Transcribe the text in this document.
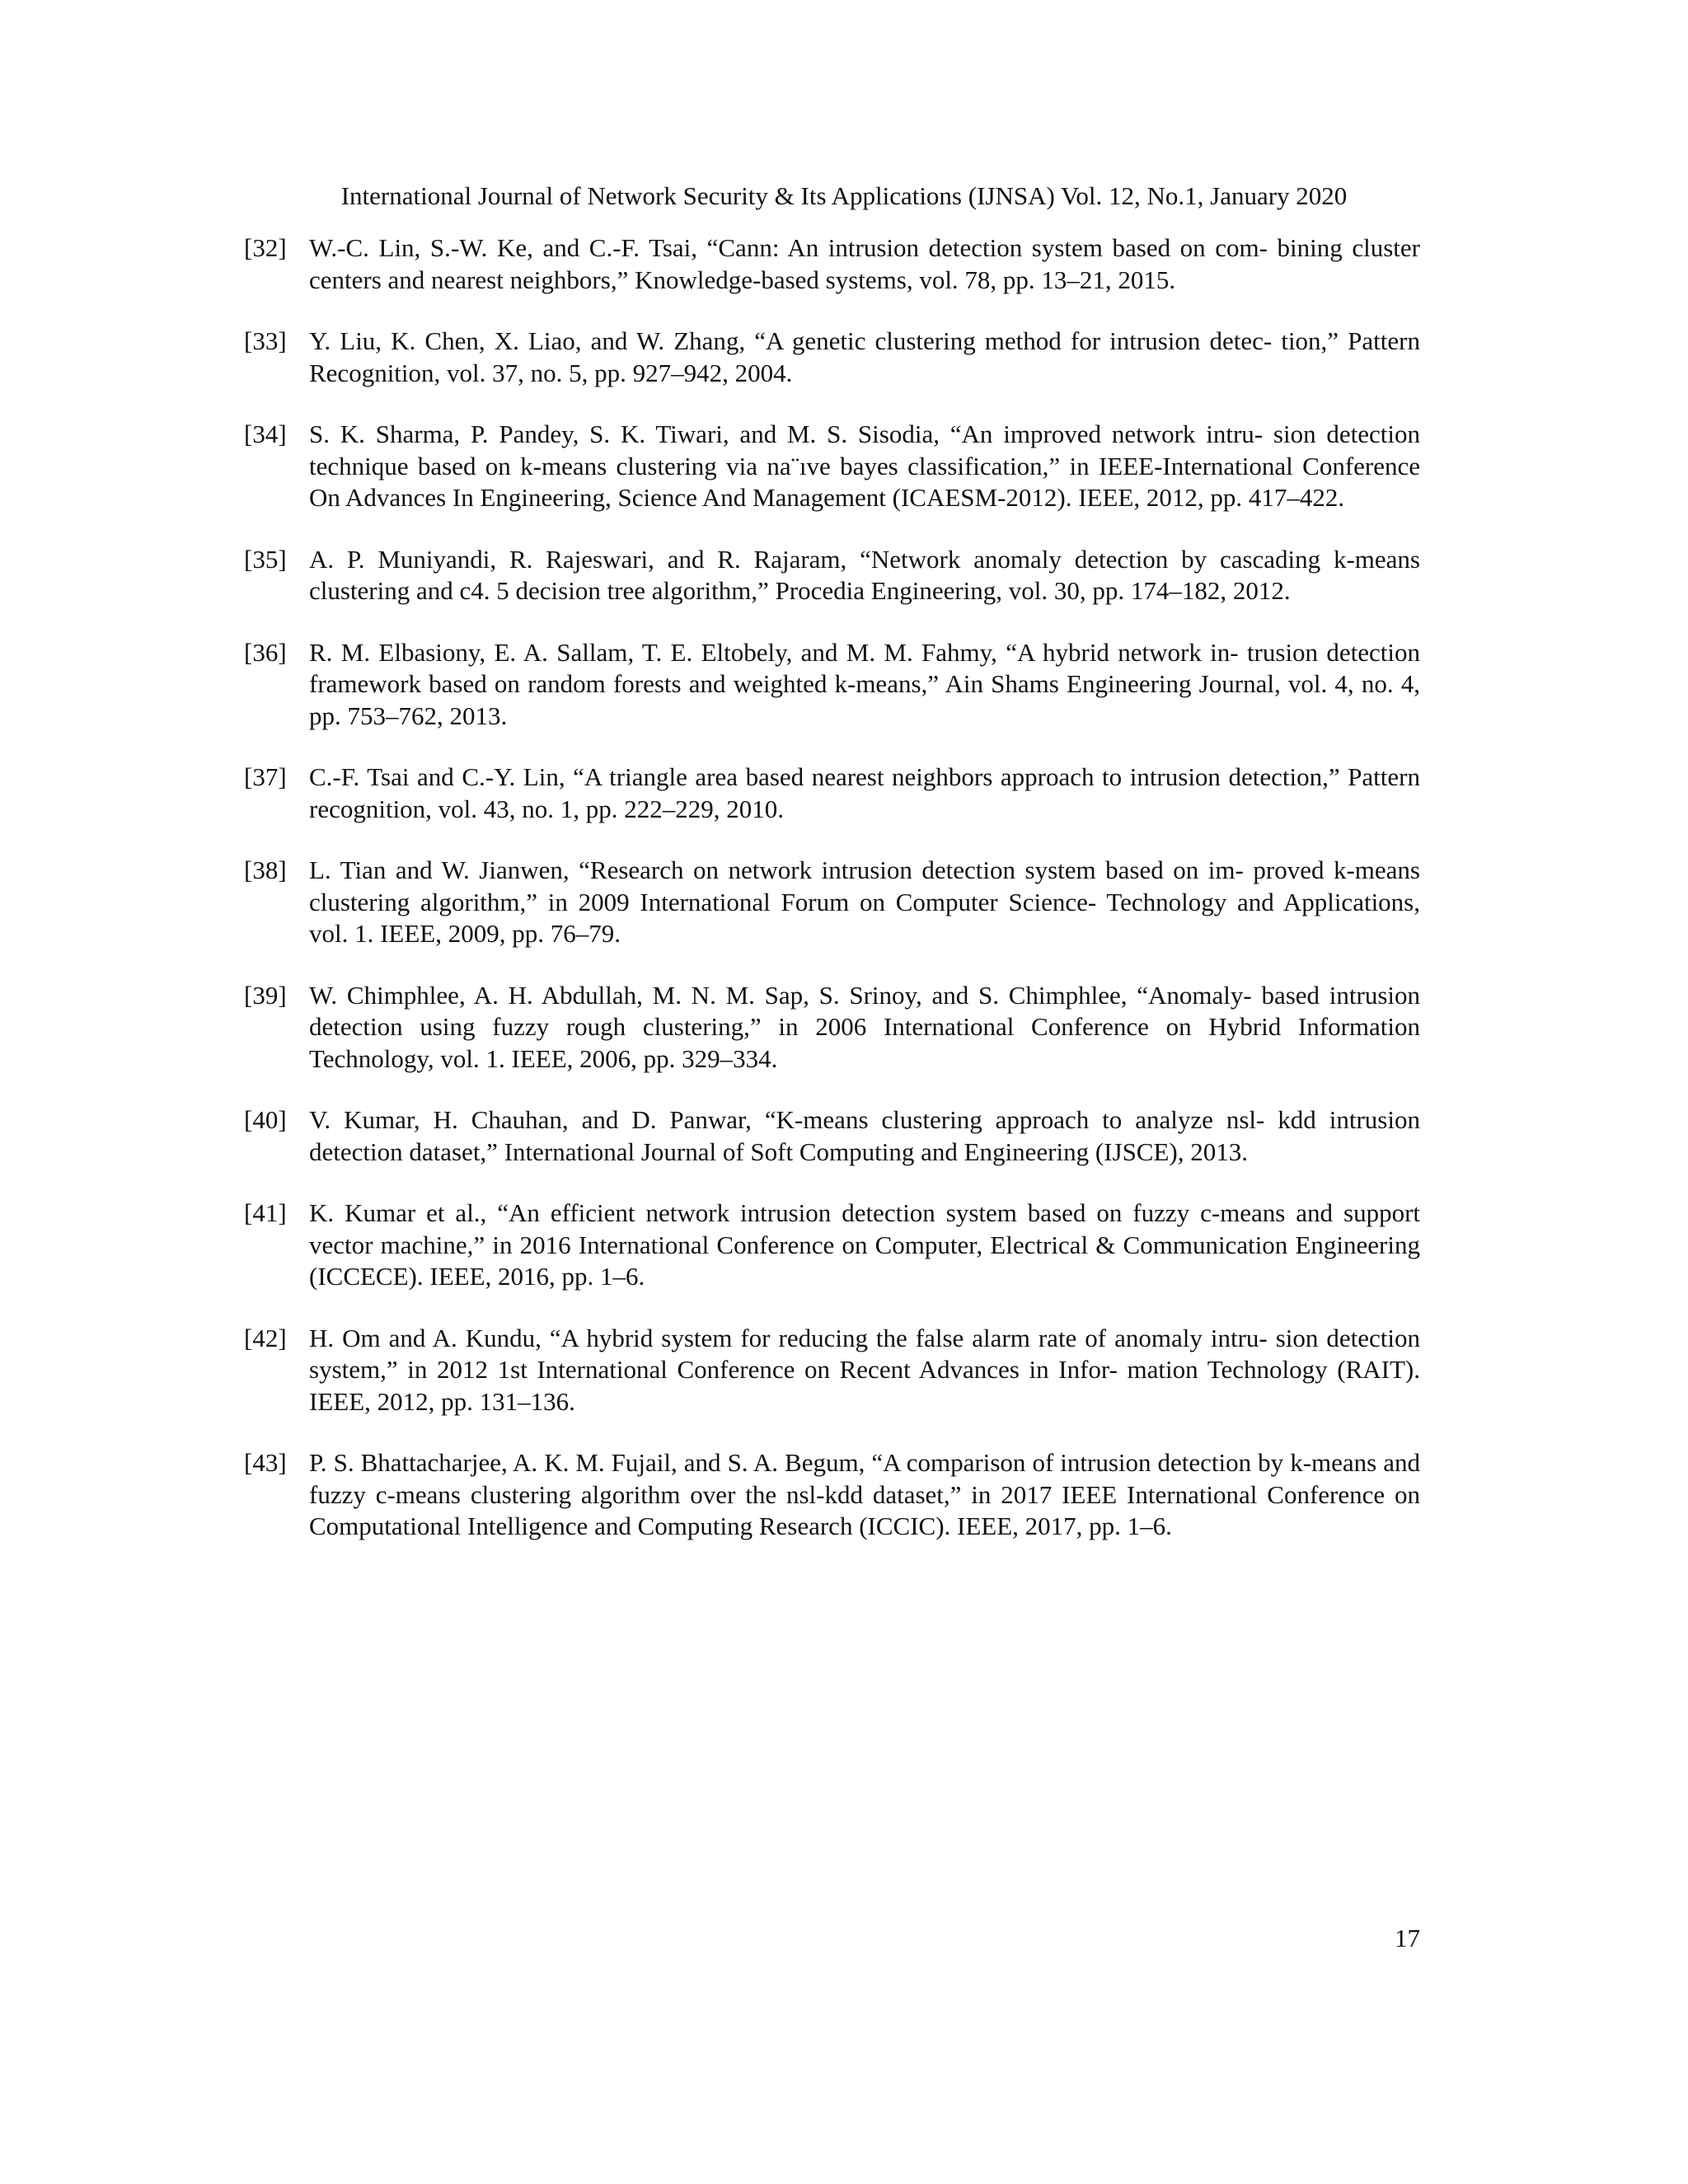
International Journal of Network Security & Its Applications (IJNSA) Vol. 12, No.1, January 2020
[32] W.-C. Lin, S.-W. Ke, and C.-F. Tsai, “Cann: An intrusion detection system based on com- bining cluster centers and nearest neighbors,” Knowledge-based systems, vol. 78, pp. 13–21, 2015.
[33] Y. Liu, K. Chen, X. Liao, and W. Zhang, “A genetic clustering method for intrusion detec- tion,” Pattern Recognition, vol. 37, no. 5, pp. 927–942, 2004.
[34] S. K. Sharma, P. Pandey, S. K. Tiwari, and M. S. Sisodia, “An improved network intru- sion detection technique based on k-means clustering via na¨ıve bayes classification,” in IEEE-International Conference On Advances In Engineering, Science And Management (ICAESM-2012). IEEE, 2012, pp. 417–422.
[35] A. P. Muniyandi, R. Rajeswari, and R. Rajaram, “Network anomaly detection by cascading k-means clustering and c4. 5 decision tree algorithm,” Procedia Engineering, vol. 30, pp. 174–182, 2012.
[36] R. M. Elbasiony, E. A. Sallam, T. E. Eltobely, and M. M. Fahmy, “A hybrid network in- trusion detection framework based on random forests and weighted k-means,” Ain Shams Engineering Journal, vol. 4, no. 4, pp. 753–762, 2013.
[37] C.-F. Tsai and C.-Y. Lin, “A triangle area based nearest neighbors approach to intrusion detection,” Pattern recognition, vol. 43, no. 1, pp. 222–229, 2010.
[38] L. Tian and W. Jianwen, “Research on network intrusion detection system based on im- proved k-means clustering algorithm,” in 2009 International Forum on Computer Science- Technology and Applications, vol. 1. IEEE, 2009, pp. 76–79.
[39] W. Chimphlee, A. H. Abdullah, M. N. M. Sap, S. Srinoy, and S. Chimphlee, “Anomaly- based intrusion detection using fuzzy rough clustering,” in 2006 International Conference on Hybrid Information Technology, vol. 1. IEEE, 2006, pp. 329–334.
[40] V. Kumar, H. Chauhan, and D. Panwar, “K-means clustering approach to analyze nsl- kdd intrusion detection dataset,” International Journal of Soft Computing and Engineering (IJSCE), 2013.
[41] K. Kumar et al., “An efficient network intrusion detection system based on fuzzy c-means and support vector machine,” in 2016 International Conference on Computer, Electrical & Communication Engineering (ICCECE). IEEE, 2016, pp. 1–6.
[42] H. Om and A. Kundu, “A hybrid system for reducing the false alarm rate of anomaly intru- sion detection system,” in 2012 1st International Conference on Recent Advances in Infor- mation Technology (RAIT). IEEE, 2012, pp. 131–136.
[43] P. S. Bhattacharjee, A. K. M. Fujail, and S. A. Begum, “A comparison of intrusion detection by k-means and fuzzy c-means clustering algorithm over the nsl-kdd dataset,” in 2017 IEEE International Conference on Computational Intelligence and Computing Research (ICCIC). IEEE, 2017, pp. 1–6.
17
